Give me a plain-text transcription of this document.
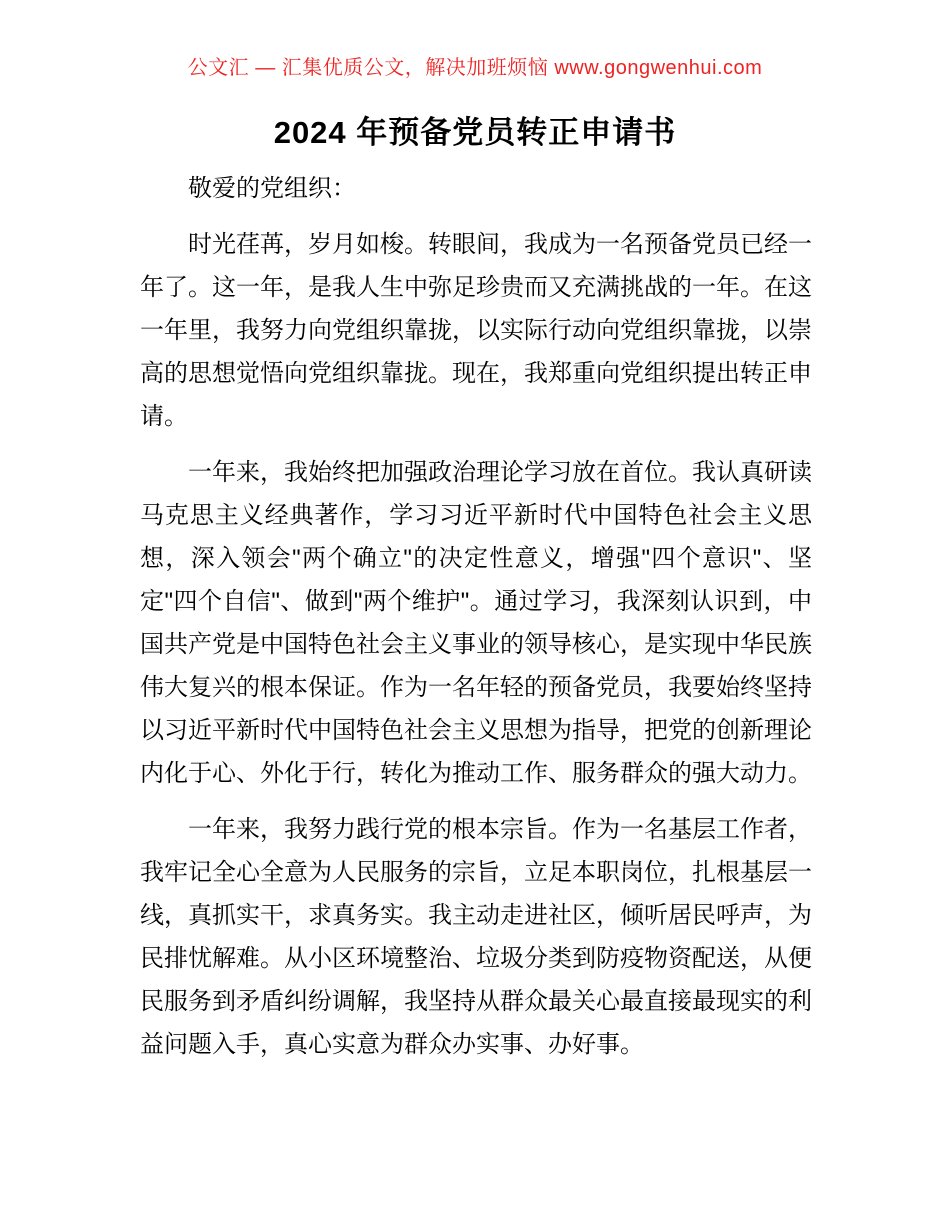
公文汇 — 汇集优质公文，解决加班烦恼 www.gongwenhui.com
2024 年预备党员转正申请书

敬爱的党组织：

时光荏苒，岁月如梭。转眼间，我成为一名预备党员已经一年了。这一年，是我人生中弥足珍贵而又充满挑战的一年。在这一年里，我努力向党组织靠拢，以实际行动向党组织靠拢，以崇高的思想觉悟向党组织靠拢。现在，我郑重向党组织提出转正申请。

一年来，我始终把加强政治理论学习放在首位。我认真研读马克思主义经典著作，学习习近平新时代中国特色社会主义思想，深入领会"两个确立"的决定性意义，增强"四个意识"、坚定"四个自信"、做到"两个维护"。通过学习，我深刻认识到，中国共产党是中国特色社会主义事业的领导核心，是实现中华民族伟大复兴的根本保证。作为一名年轻的预备党员，我要始终坚持以习近平新时代中国特色社会主义思想为指导，把党的创新理论内化于心、外化于行，转化为推动工作、服务群众的强大动力。

一年来，我努力践行党的根本宗旨。作为一名基层工作者，我牢记全心全意为人民服务的宗旨，立足本职岗位，扎根基层一线，真抓实干，求真务实。我主动走进社区，倾听居民呼声，为民排忧解难。从小区环境整治、垃圾分类到防疫物资配送，从便民服务到矛盾纠纷调解，我坚持从群众最关心最直接最现实的利益问题入手，真心实意为群众办实事、办好事。
